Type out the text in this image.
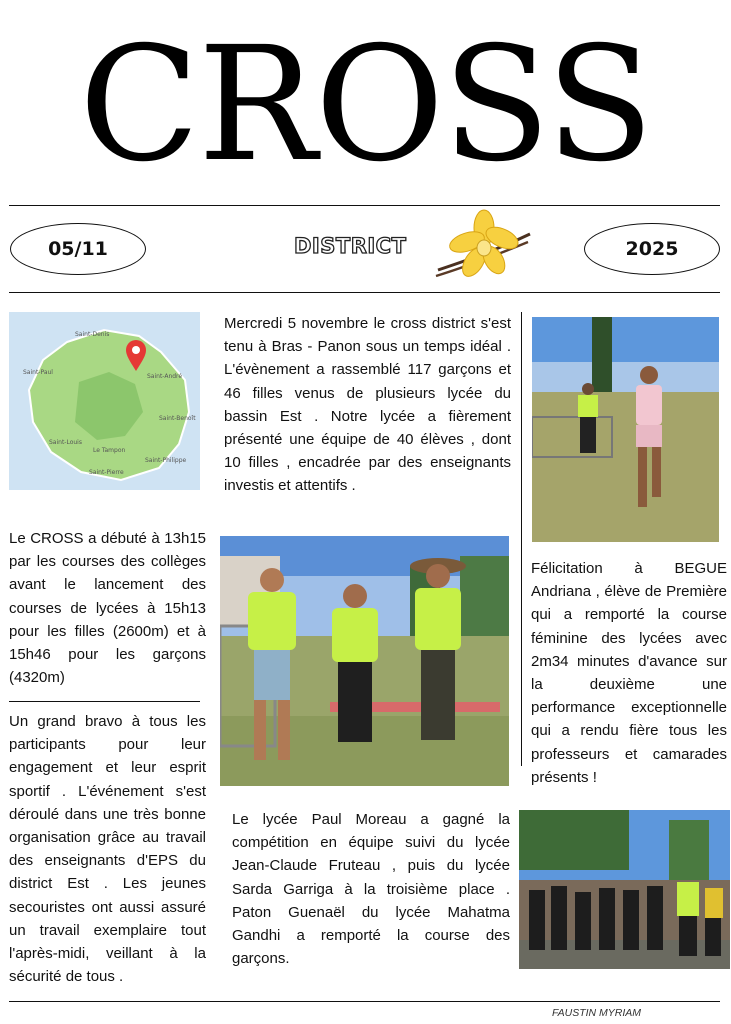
CROSS
05/11	DISTRICT	2025
Saint-Denis
Saint-Paul
Saint-André
Saint-Benoît
Le Tampon
Saint-Louis
Saint-Pierre
Saint-Philippe
Le CROSS a débuté à 13h15 par les courses des collèges avant le lancement des courses de lycées à 15h13 pour les filles (2600m) et à 15h46 pour les garçons (4320m)
Un grand bravo à tous les participants pour leur engagement et leur esprit sportif . L'événement s'est déroulé dans une très bonne organisation grâce au travail des enseignants d'EPS du district Est . Les jeunes secouristes ont aussi assuré un travail exemplaire tout l'après-midi, veillant à la sécurité de tous .
Mercredi 5 novembre le cross district s'est tenu à Bras - Panon sous un temps idéal . L'évènement a rassemblé 117 garçons et 46 filles venus de plusieurs lycée du bassin Est . Notre lycée a fièrement présenté une équipe de 40 élèves , dont 10 filles , encadrée par des enseignants investis et attentifs .
Félicitation à BEGUE Andriana , élève de Première qui a remporté la course féminine des lycées avec 2m34 minutes d'avance sur la deuxième une performance exceptionnelle qui a rendu fière tous les professeurs et camarades présents !
Le lycée Paul Moreau a gagné la compétition en équipe suivi du lycée Jean-Claude Fruteau , puis du lycée Sarda Garriga à la troisième place . Paton Guenaël du lycée Mahatma Gandhi a remporté la course des garçons.
FAUSTIN MYRIAM
